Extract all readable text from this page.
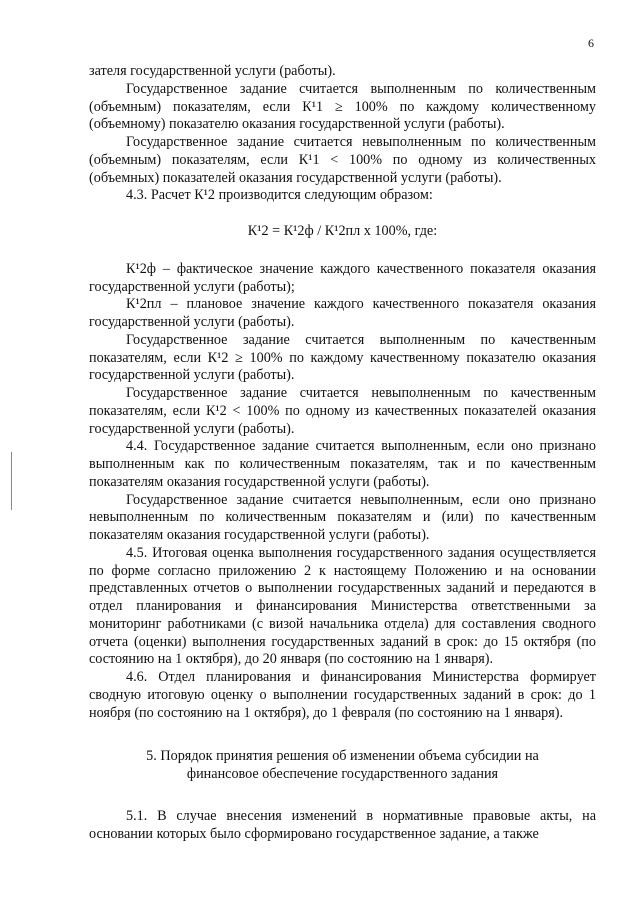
6

зателя государственной услуги (работы).

Государственное задание считается выполненным по количественным (объемным) показателям, если К¹1 ≥ 100% по каждому количественному (объемному) показателю оказания государственной услуги (работы).

Государственное задание считается невыполненным по количественным (объемным) показателям, если К¹1 < 100% по одному из количественных (объемных) показателей оказания государственной услуги (работы).

4.3. Расчет К¹2 производится следующим образом:

К¹2 = К¹2ф / К¹2пл х 100%, где:

К¹2ф – фактическое значение каждого качественного показателя оказания государственной услуги (работы);

К¹2пл – плановое значение каждого качественного показателя оказания государственной услуги (работы).

Государственное задание считается выполненным по качественным показателям, если К¹2 ≥ 100% по каждому качественному показателю оказания государственной услуги (работы).

Государственное задание считается невыполненным по качественным показателям, если К¹2 < 100% по одному из качественных показателей оказания государственной услуги (работы).

4.4. Государственное задание считается выполненным, если оно признано выполненным как по количественным показателям, так и по качественным показателям оказания государственной услуги (работы).

Государственное задание считается невыполненным, если оно признано невыполненным по количественным показателям и (или) по качественным показателям оказания государственной услуги (работы).

4.5. Итоговая оценка выполнения государственного задания осуществляется по форме согласно приложению 2 к настоящему Положению и на основании представленных отчетов о выполнении государственных заданий и передаются в отдел планирования и финансирования Министерства ответственными за мониторинг работниками (с визой начальника отдела) для составления сводного отчета (оценки) выполнения государственных заданий в срок: до 15 октября (по состоянию на 1 октября), до 20 января (по состоянию на 1 января).

4.6. Отдел планирования и финансирования Министерства формирует сводную итоговую оценку о выполнении государственных заданий в срок: до 1 ноября (по состоянию на 1 октября), до 1 февраля (по состоянию на 1 января).

5. Порядок принятия решения об изменении объема субсидии на финансовое обеспечение государственного задания

5.1. В случае внесения изменений в нормативные правовые акты, на основании которых было сформировано государственное задание, а также
